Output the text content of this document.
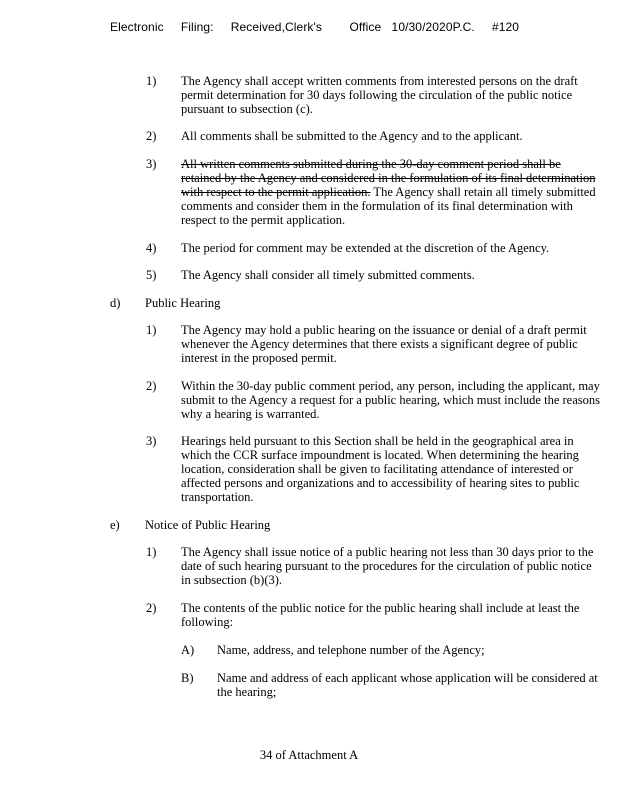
Electronic Filing: Received,Clerk's Office 10/30/2020P.C. #120
1) The Agency shall accept written comments from interested persons on the draft permit determination for 30 days following the circulation of the public notice pursuant to subsection (c).
2) All comments shall be submitted to the Agency and to the applicant.
3) All written comments submitted during the 30-day comment period shall be retained by the Agency and considered in the formulation of its final determination with respect to the permit application. The Agency shall retain all timely submitted comments and consider them in the formulation of its final determination with respect to the permit application.
4) The period for comment may be extended at the discretion of the Agency.
5) The Agency shall consider all timely submitted comments.
d) Public Hearing
1) The Agency may hold a public hearing on the issuance or denial of a draft permit whenever the Agency determines that there exists a significant degree of public interest in the proposed permit.
2) Within the 30-day public comment period, any person, including the applicant, may submit to the Agency a request for a public hearing, which must include the reasons why a hearing is warranted.
3) Hearings held pursuant to this Section shall be held in the geographical area in which the CCR surface impoundment is located. When determining the hearing location, consideration shall be given to facilitating attendance of interested or affected persons and organizations and to accessibility of hearing sites to public transportation.
e) Notice of Public Hearing
1) The Agency shall issue notice of a public hearing not less than 30 days prior to the date of such hearing pursuant to the procedures for the circulation of public notice in subsection (b)(3).
2) The contents of the public notice for the public hearing shall include at least the following:
A) Name, address, and telephone number of the Agency;
B) Name and address of each applicant whose application will be considered at the hearing;
34 of Attachment A
